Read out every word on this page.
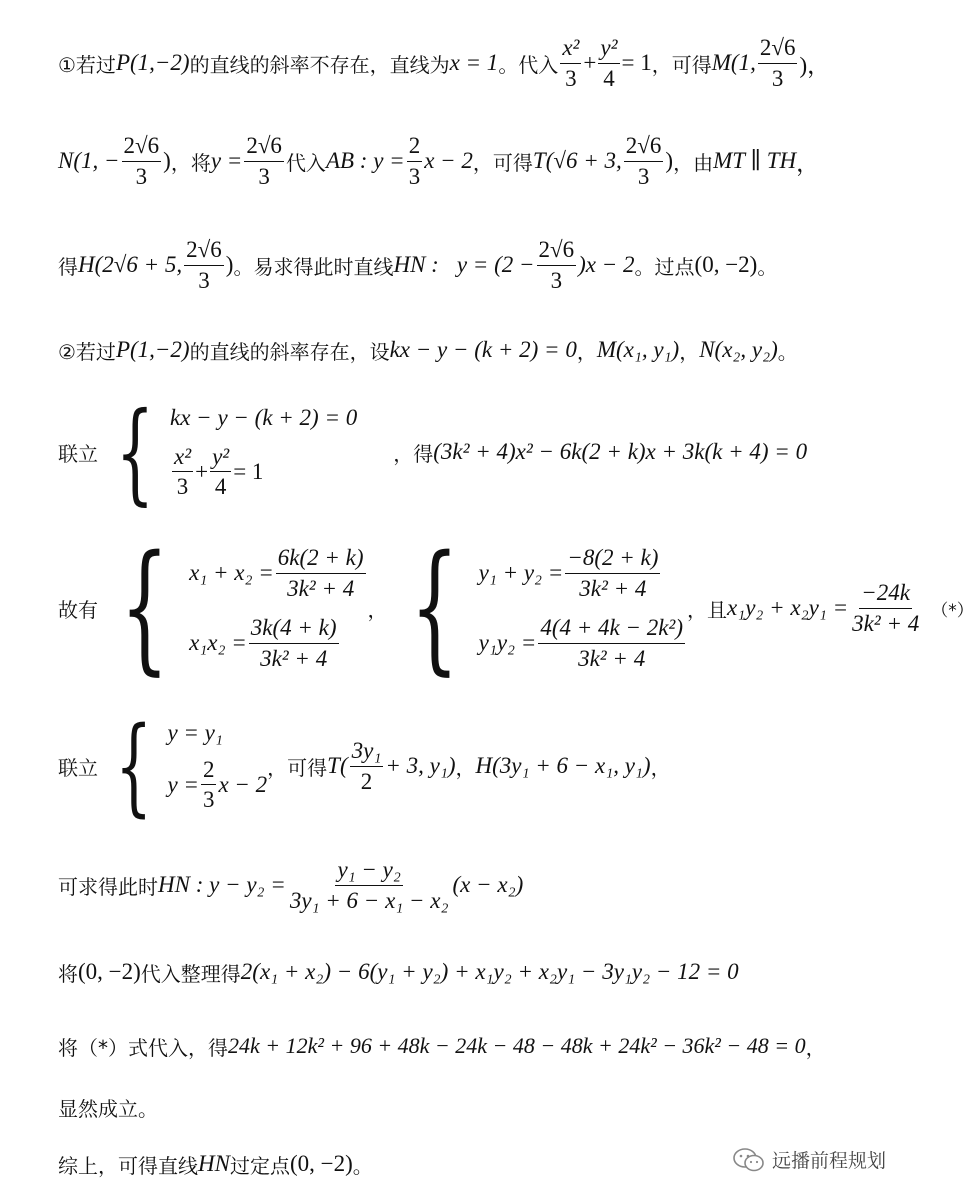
①若过 P(1,−2) 的直线的斜率不存在，直线为 x = 1 。代入 $\frac{\text{x²}}{3} + \frac{\text{y²}}{4} = 1$ ，可得 M(1, $\frac{2√6}{3}$ )，
N(1, − $\frac{2√6}{3}$ ) ，将 $y = \frac{2√6}{3}$ 代入 AB : $y = \frac{2}{3}$ x − 2 ，可得 T(√6 + 3, $\frac{2√6}{3}$ ) ，由 MT ∥ TH ，
得 H(2√6 + 5, $\frac{2√6}{3}$ ) 。易求得此时直线 HN : $y = (2 - \frac{2√6}{3} )x - 2$ 。过点 (0, −2) 。
②若过 P(1,−2) 的直线的斜率存在，设 kx − y − (k + 2) = 0 ， M(x₁, y₁) ， N(x₂, y₂) 。
联立 { kx − y − (k + 2) = 0
$\frac{\text{x²}}{3} + \frac{\text{y²}}{4} = 1$
，得 (3k² + 4)x² − 6k(2 + k)x + 3k(k + 4) = 0
故有 { $x_1 + x_2 = \frac{6k(2 + k)}{\text{3k² + 4}}$
$x_1x_2 = \frac{3k(4 + k)}{\text{3k² + 4}}$
， { $y_1 + y_2 = \frac{-8(2 + k)}{\text{3k² + 4}}$
$y_1y_2 = \frac{\text{4(4 + 4k − 2k²)}}{\text{3k² + 4}}$
，且 $x_1y_2 + x_2y_1 = \frac{-24k}{\text{3k² + 4}}$ （*）
联立 { y = y₁
$y = \frac{2}{3}$ x − 2
，可得 $T( \frac{\text{3y₁}}{2} + 3$, y₁) ， H(3y₁ + 6 − x₁, y₁) ，
可求得此时 HN : $y - y_2 = \frac{\text{y₁ − y₂}}{\text{3y₁ + 6 − x₁ − x₂}} (x - x_2)$
将 (0, −2) 代入整理得 2(x₁ + x₂) − 6(y₁ + y₂) + x₁y₂ + x₂y₁ − 3y₁y₂ − 12 = 0
将（*）式代入，得 24k + 12k² + 96 + 48k − 24k − 48 − 48k + 24k² − 36k² − 48 = 0 ，
显然成立。
综上，可得直线 HN 过定点 (0, −2) 。	远播前程规划
